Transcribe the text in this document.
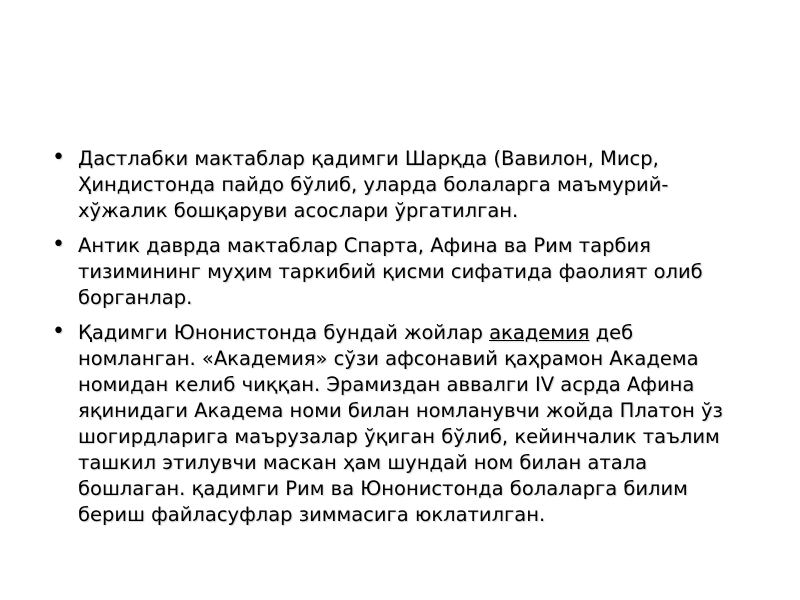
• Дастлабки мактаблар қадимги Шарқда (Вавилон, Миср, Ҳиндистонда пайдо бўлиб, уларда болаларга маъмурий-хўжалик бошқаруви асослари ўргатилган.
• Антик даврда мактаблар Спарта, Афина ва Рим тарбия тизимининг муҳим таркибий қисми сифатида фаолият олиб борганлар.
• Қадимги Юнонистонда бундай жойлар академия деб номланган. «Академия» сўзи афсонавий қаҳрамон Академа номидан келиб чиққан. Эрамиздан аввалги IV асрда Афина яқинидаги Академа номи билан номланувчи жойда Платон ўз шогирдларига маърузалар ўқиган бўлиб, кейинчалик таълим ташкил этилувчи маскан ҳам шундай ном билан атала бошлаган. қадимги Рим ва Юнонистонда болаларга билим бериш файласуфлар зиммасига юклатилган.
